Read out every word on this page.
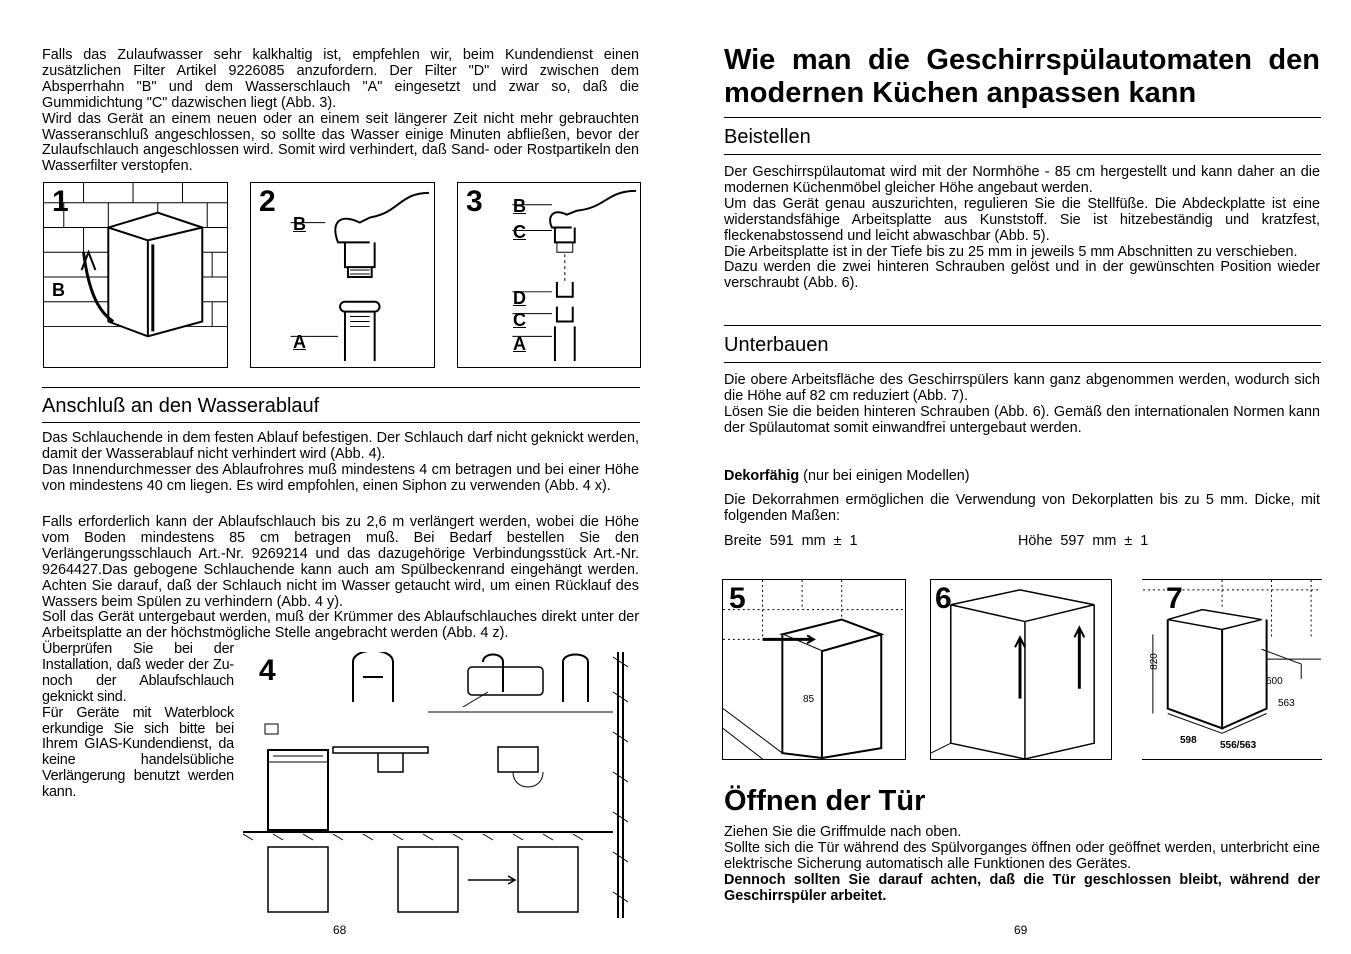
Falls das Zulaufwasser sehr kalkhaltig ist, empfehlen wir, beim Kundendienst einen zusätzlichen Filter Artikel 9226085 anzufordern. Der Filter "D" wird zwischen dem Absperrhahn "B" und dem Wasserschlauch "A" eingesetzt und zwar so, daß die Gummidichtung "C" dazwischen liegt (Abb. 3).

Wird das Gerät an einem neuen oder an einem seit längerer Zeit nicht mehr gebrauchten Wasseranschluß angeschlossen, so sollte das Wasser einige Minuten abfließen, bevor der Zulaufschlauch angeschlossen wird. Somit wird verhindert, daß Sand- oder Rostpartikeln den Wasserfilter verstopfen.

1
B
2
B
A
3 B
C
D
C
A
Anschluß an den Wasserablauf

Das Schlauchende in dem festen Ablauf befestigen. Der Schlauch darf nicht geknickt werden, damit der Wasserablauf nicht verhindert wird (Abb. 4).

Das Innendurchmesser des Ablaufrohres muß mindestens 4 cm betragen und bei einer Höhe von mindestens 40 cm liegen. Es wird empfohlen, einen Siphon zu verwenden (Abb. 4 x).

Falls erforderlich kann der Ablaufschlauch bis zu 2,6 m verlängert werden, wobei die Höhe vom Boden mindestens 85 cm betragen muß. Bei Bedarf bestellen Sie den Verlängerungsschlauch Art.-Nr. 9269214 und das dazugehörige Verbindungsstück Art.-Nr. 9264427.Das gebogene Schlauchende kann auch am Spülbeckenrand eingehängt werden. Achten Sie darauf, daß der Schlauch nicht im Wasser getaucht wird, um einen Rücklauf des Wassers beim Spülen zu verhindern (Abb. 4 y).

Soll das Gerät untergebaut werden, muß der Krümmer des Ablaufschlauches direkt unter der Arbeitsplatte an der höchstmögliche Stelle angebracht werden (Abb. 4 z).

Überprüfen Sie bei der Installation, daß weder der Zu- noch der Ablaufschlauch geknickt sind.

Für Geräte mit Waterblock erkundige Sie sich bitte bei Ihrem GIAS-Kundendienst, da keine handelsübliche Verlängerung benutzt werden kann.

4
68
Wie man die Geschirrspülautomaten den modernen Küchen anpassen kann
Beistellen

Der Geschirrspülautomat wird mit der Normhöhe - 85 cm hergestellt und kann daher an die modernen Küchenmöbel gleicher Höhe angebaut werden.

Um das Gerät genau auszurichten, regulieren Sie die Stellfüße. Die Abdeckplatte ist eine widerstandsfähige Arbeitsplatte aus Kunststoff. Sie ist hitzebeständig und kratzfest, fleckenabstossend und leicht abwaschbar (Abb. 5).

Die Arbeitsplatte ist in der Tiefe bis zu 25 mm in jeweils 5 mm Abschnitten zu verschieben.

Dazu werden die zwei hinteren Schrauben gelöst und in der gewünschten Position wieder verschraubt (Abb. 6).

Unterbauen

Die obere Arbeitsfläche des Geschirrspülers kann ganz abgenommen werden, wodurch sich die Höhe auf 82 cm reduziert (Abb. 7).

Lösen Sie die beiden hinteren Schrauben (Abb. 6). Gemäß den internationalen Normen kann der Spülautomat somit einwandfrei untergebaut werden.

Dekorfähig (nur bei einigen Modellen)

Die Dekorrahmen ermöglichen die Verwendung von Dekorplatten bis zu 5 mm. Dicke, mit folgenden Maßen:

Breite  591  mm  ±  1	Höhe  597  mm  ±  1
5
85
6	7
820
598 556/563
600
563
Öffnen der Tür

Ziehen Sie die Griffmulde nach oben.

Sollte sich die Tür während des Spülvorganges öffnen oder geöffnet werden, unterbricht eine elektrische Sicherung automatisch alle Funktionen des Gerätes.

Dennoch sollten Sie darauf achten, daß die Tür geschlossen bleibt, während der Geschirrspüler arbeitet.

69
